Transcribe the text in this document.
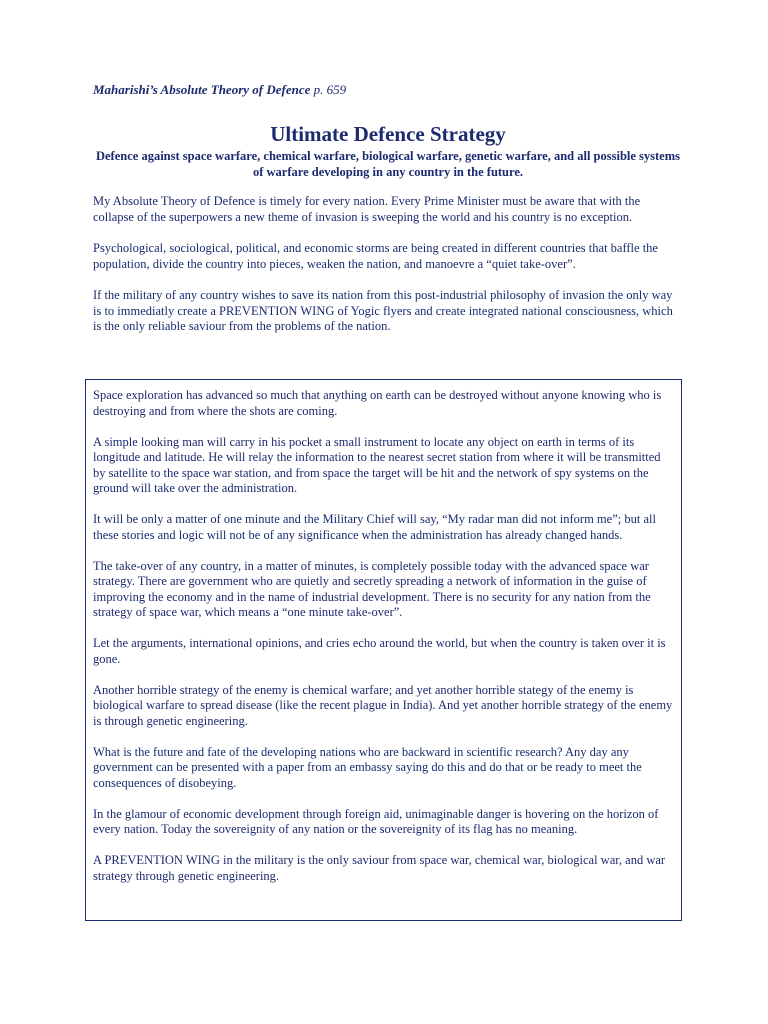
Maharishi’s Absolute Theory of Defence p. 659
Ultimate Defence Strategy
Defence against space warfare, chemical warfare, biological warfare, genetic warfare, and all possible systems of warfare developing in any country in the future.

My Absolute Theory of Defence is timely for every nation. Every Prime Minister must be aware that with the collapse of the superpowers a new theme of invasion is sweeping the world and his country is no exception.

Psychological, sociological, political, and economic storms are being created in different countries that baffle the population, divide the country into pieces, weaken the nation, and manoevre a “quiet take-over”.

If the military of any country wishes to save its nation from this post-industrial philosophy of invasion the only way is to immediatly create a PREVENTION WING of Yogic flyers and create integrated national consciousness, which is the only reliable saviour from the problems of the nation.

Space exploration has advanced so much that anything on earth can be destroyed without anyone knowing who is destroying and from where the shots are coming.

A simple looking man will carry in his pocket a small instrument to locate any object on earth in terms of its longitude and latitude. He will relay the information to the nearest secret station from where it will be transmitted by satellite to the space war station, and from space the target will be hit and the network of spy systems on the ground will take over the administration.

It will be only a matter of one minute and the Military Chief will say, “My radar man did not inform me”; but all these stories and logic will not be of any significance when the administration has already changed hands.

The take-over of any country, in a matter of minutes, is completely possible today with the advanced space war strategy. There are government who are quietly and secretly spreading a network of information in the guise of improving the economy and in the name of industrial development. There is no security for any nation from the strategy of space war, which means a “one minute take-over”.

Let the arguments, international opinions, and cries echo around the world, but when the country is taken over it is gone.

Another horrible strategy of the enemy is chemical warfare; and yet another horrible stategy of the enemy is biological warfare to spread disease (like the recent plague in India). And yet another horrible strategy of the enemy is through genetic engineering.

What is the future and fate of the developing nations who are backward in scientific research? Any day any government can be presented with a paper from an embassy saying do this and do that or be ready to meet the consequences of disobeying.

In the glamour of economic development through foreign aid, unimaginable danger is hovering on the horizon of every nation. Today the sovereignity of any nation or the sovereignity of its flag has no meaning.

A PREVENTION WING in the military is the only saviour from space war, chemical war, biological war, and war strategy through genetic engineering.
